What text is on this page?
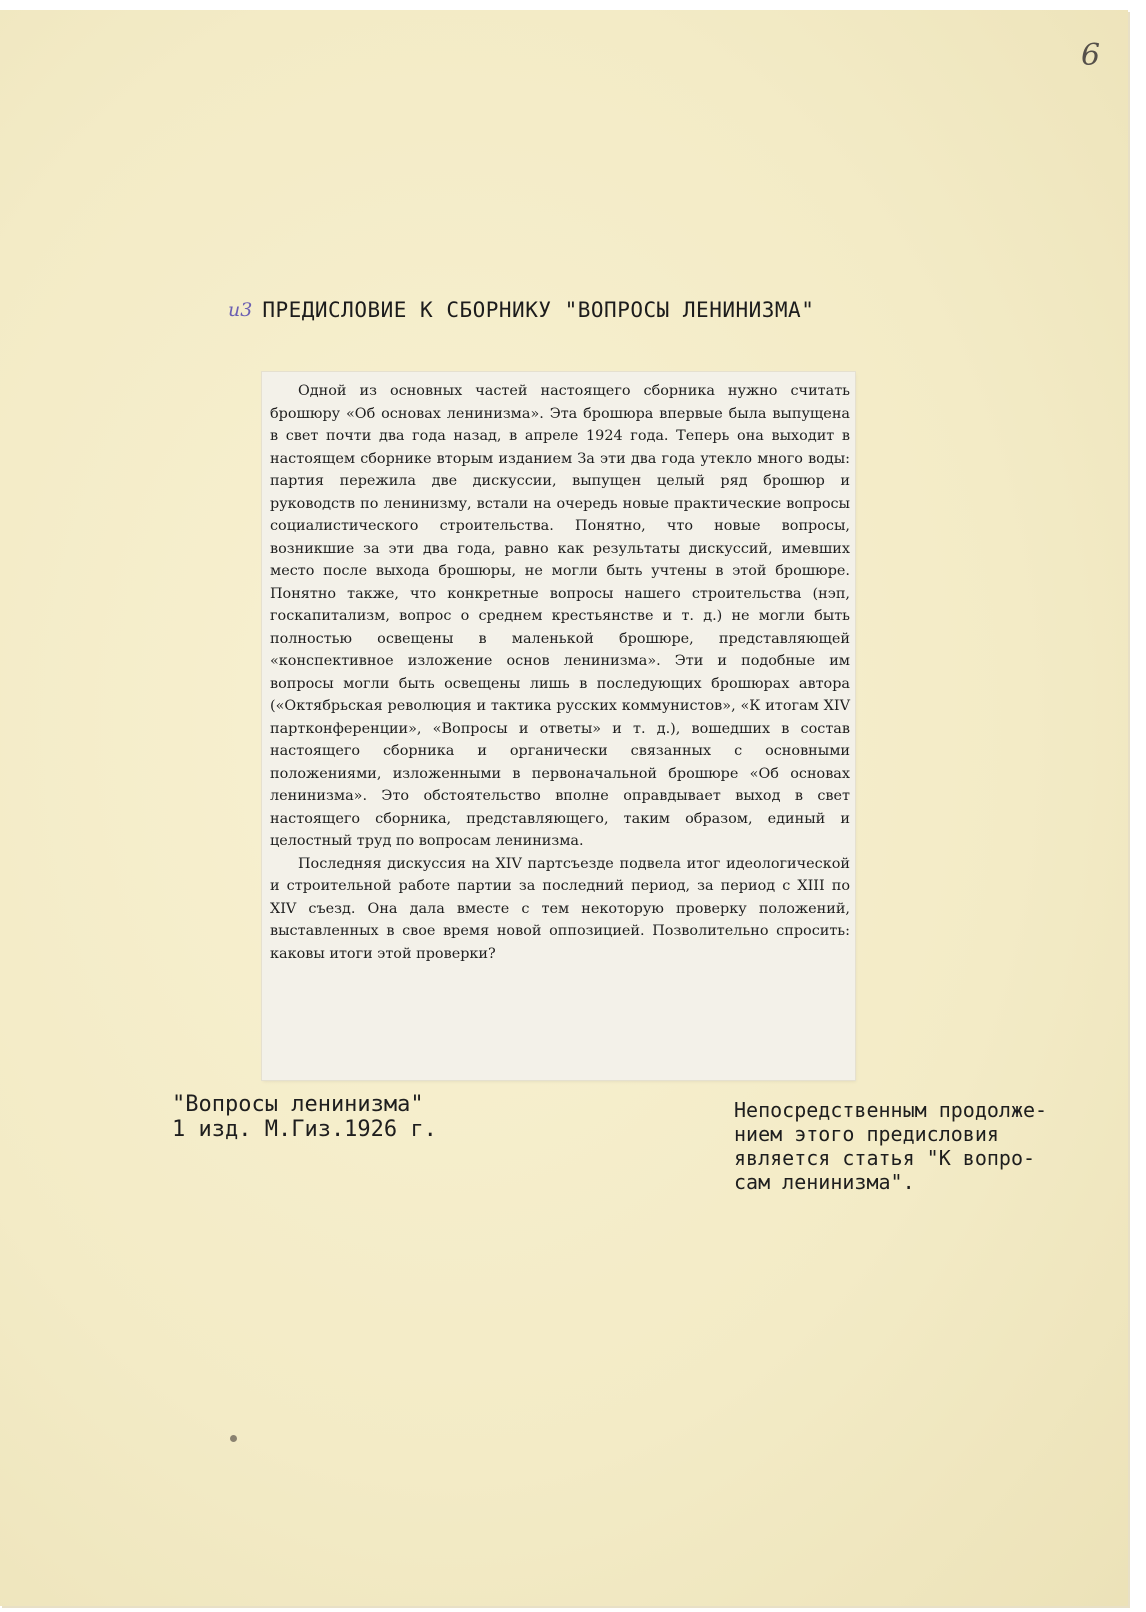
6
и3 ПРЕДИСЛОВИЕ К СБОРНИКУ "ВОПРОСЫ ЛЕНИНИЗМА"

Одной из основных частей настоящего сборника нужно считать брошюру «Об основах ленинизма». Эта брошюра впервые была выпущена в свет почти два года назад, в апреле 1924 года. Теперь она выходит в настоящем сборнике вторым изданием За эти два года утекло много воды: партия пережила две дискуссии, выпущен целый ряд брошюр и руководств по ленинизму, встали на очередь новые практические вопросы социалистического строительства. Понятно, что новые вопросы, возникшие за эти два года, равно как результаты дискуссий, имевших место после выхода брошюры, не могли быть учтены в этой брошюре. Понятно также, что конкретные вопросы нашего строительства (нэп, госкапитализм, вопрос о среднем крестьянстве и т. д.) не могли быть полностью освещены в маленькой брошюре, представляющей «конспективное изложение основ ленинизма». Эти и подобные им вопросы могли быть освещены лишь в последующих брошюрах автора («Октябрьская революция и тактика русских коммунистов», «К итогам XIV партконференции», «Вопросы и ответы» и т. д.), вошедших в состав настоящего сборника и органически связанных с основными положениями, изложенными в первоначальной брошюре «Об основах ленинизма». Это обстоятельство вполне оправдывает выход в свет настоящего сборника, представляющего, таким образом, единый и целостный труд по вопросам ленинизма.

Последняя дискуссия на XIV партсъезде подвела итог идеологической и строительной работе партии за последний период, за период с XIII по XIV съезд. Она дала вместе с тем некоторую проверку положений, выставленных в свое время новой оппозицией. Позволительно спросить: каковы итоги этой проверки?

"Вопросы ленинизма"
1 изд. М.Гиз.1926 г.
Непосредственным продолже-
нием этого предисловия
является статья "К вопро-
сам ленинизма".
